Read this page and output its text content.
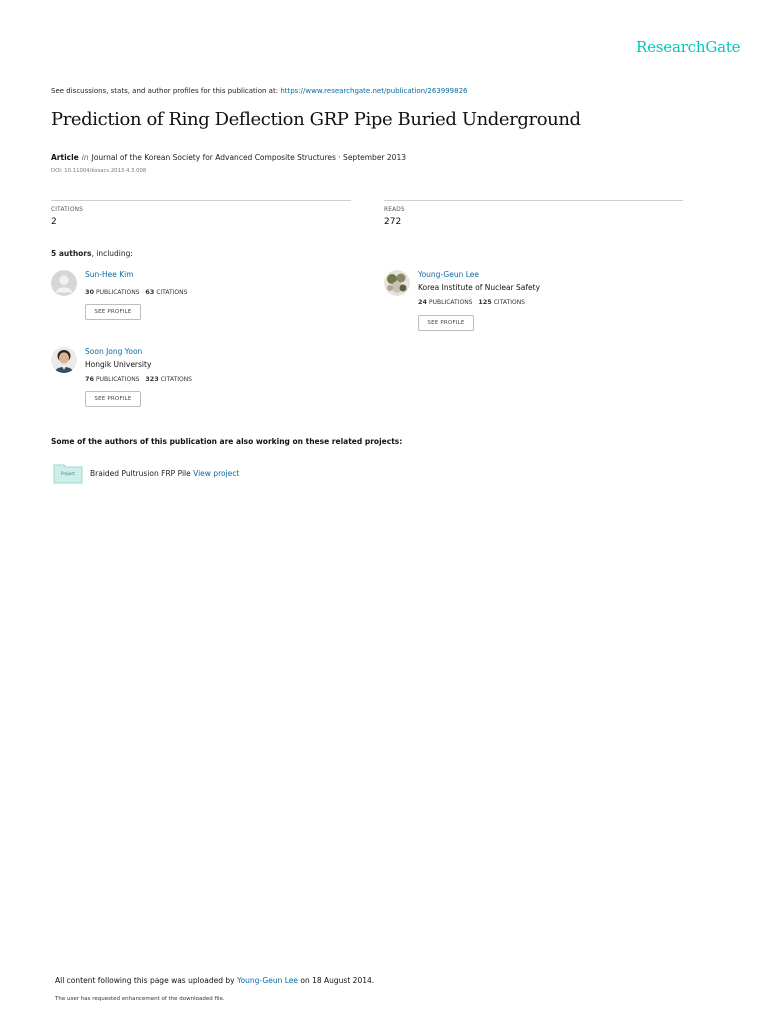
ResearchGate
See discussions, stats, and author profiles for this publication at: https://www.researchgate.net/publication/263999826
Prediction of Ring Deflection GRP Pipe Buried Underground
Article in Journal of the Korean Society for Advanced Composite Structures · September 2013
DOI: 10.11004/kosacs.2013.4.3.008
CITATIONS
2
READS
272
5 authors, including:
Sun-Hee Kim
30 PUBLICATIONS 63 CITATIONS
SEE PROFILE
Young-Geun Lee
Korea Institute of Nuclear Safety
24 PUBLICATIONS 125 CITATIONS
SEE PROFILE
Soon Jong Yoon
Hongik University
76 PUBLICATIONS 323 CITATIONS
SEE PROFILE
Some of the authors of this publication are also working on these related projects:
Project	Braided Pultrusion FRP Pile View project
All content following this page was uploaded by Young-Geun Lee on 18 August 2014.
The user has requested enhancement of the downloaded file.
